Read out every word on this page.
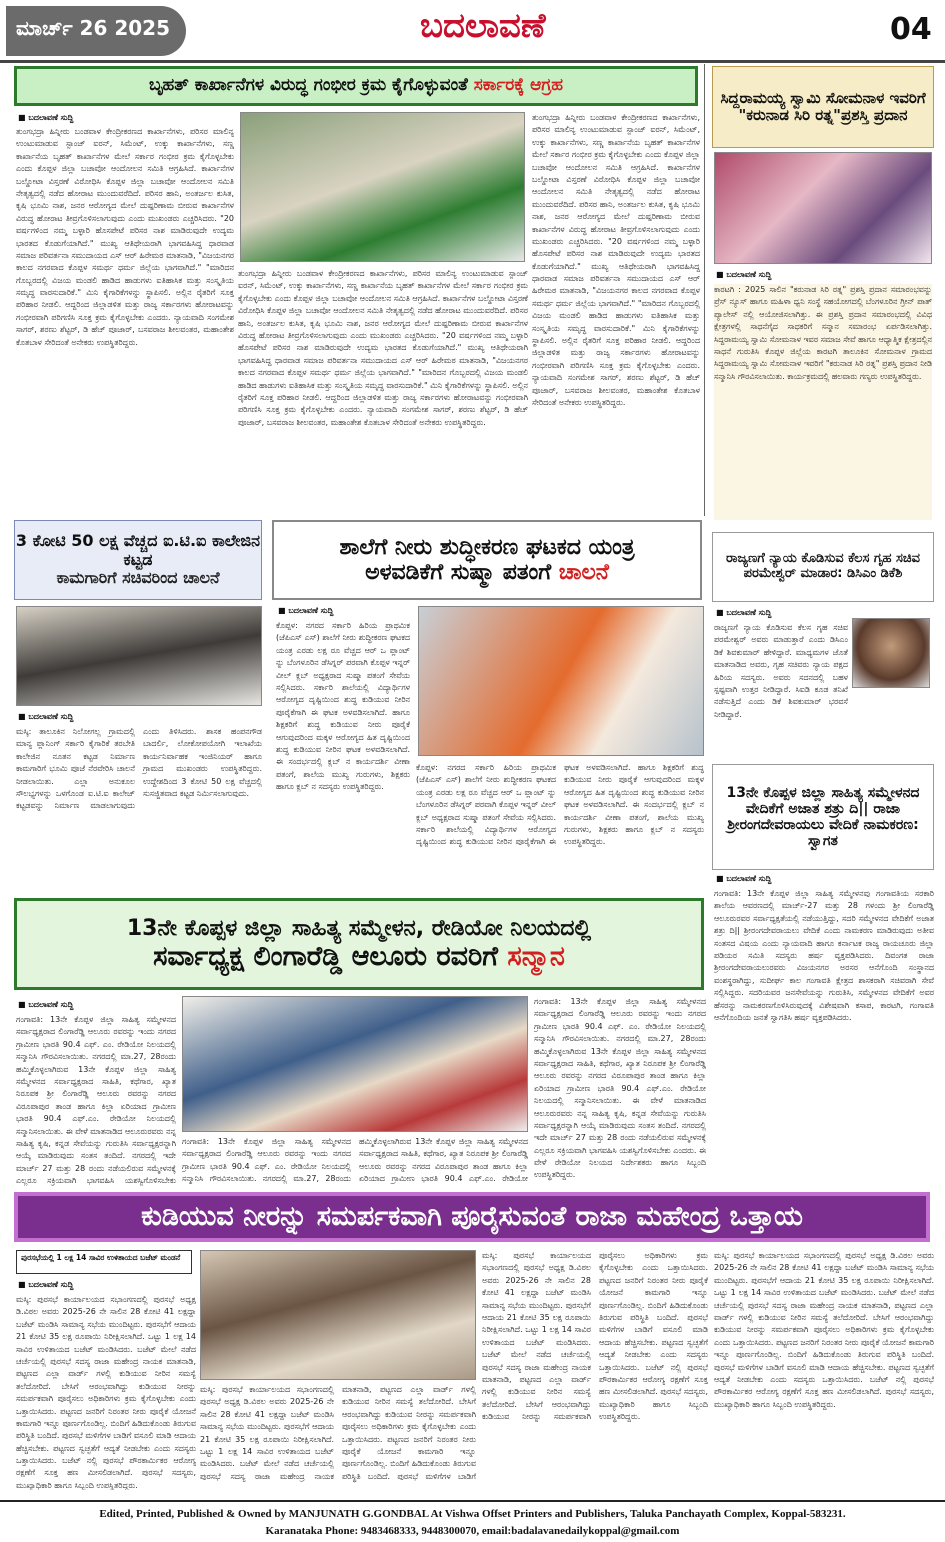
ಮಾರ್ಚ್ 26 2025	ಬದಲಾವಣೆ	04
ಬೃಹತ್ ಕಾರ್ಖಾನೆಗಳ ವಿರುದ್ಧ ಗಂಭೀರ ಕ್ರಮ ಕೈಗೊಳ್ಳುವಂತೆ
ಸರ್ಕಾರಕ್ಕೆ ಆಗ್ರಹ
■ ಬದಲಾವಣೆ ಸುದ್ದಿ
ತುಂಗಭದ್ರಾ ಹಿನ್ನೀರು ಬಂಡವಾಳ ಕೇಂದ್ರೀಕರಣದ ಕಾರ್ಖಾನೆಗಳು, ಪರಿಸರ ಮಾಲಿನ್ಯ ಉಂಟುಮಾಡುವ ಸ್ಪಾಂಜ್ ಐರನ್, ಸಿಮೆಂಟ್, ಉಕ್ಕು ಕಾರ್ಖಾನೆಗಳು, ಸಣ್ಣ ಕಾರ್ಖಾನೆಯ ಬೃಹತ್ ಕಾರ್ಖಾನೆಗಳ ಮೇಲೆ ಸರ್ಕಾರ ಗಂಭೀರ ಕ್ರಮ ಕೈಗೊಳ್ಳಬೇಕು ಎಂದು ಕೊಪ್ಪಳ ಜಿಲ್ಲಾ ಬಚಾವೋ ಆಂದೋಲನ ಸಮಿತಿ ಆಗ್ರಹಿಸಿದೆ. ಕಾರ್ಖಾನೆಗಳ ಬಲ್ಡೋಟಾ ವಿಸ್ತರಣೆ ವಿರೋಧಿಸಿ ಕೊಪ್ಪಳ ಜಿಲ್ಲಾ ಬಚಾವೋ ಆಂದೋಲನ ಸಮಿತಿ ನೇತೃತ್ವದಲ್ಲಿ ನಡೆದ ಹೋರಾಟ ಮುಂದುವರೆದಿದೆ. ಪರಿಸರ ಹಾನಿ, ಅಂತರ್ಜಲ ಕುಸಿತ, ಕೃಷಿ ಭೂಮಿ ನಾಶ, ಜನರ ಆರೋಗ್ಯದ ಮೇಲೆ ದುಷ್ಪರಿಣಾಮ ಬೀರುವ ಕಾರ್ಖಾನೆಗಳ ವಿರುದ್ಧ ಹೋರಾಟ ತೀವ್ರಗೊಳಿಸಲಾಗುವುದು ಎಂದು ಮುಖಂಡರು ಎಚ್ಚರಿಸಿದರು. "20 ವರ್ಷಗಳಿಂದ ನಮ್ಮ ಬಳ್ಳಾರಿ ಹೊಸಪೇಟೆ ಪರಿಸರ ನಾಶ ಮಾಡಿರುವುದೇ ಉದ್ಯಮ ಭಾರತದ ಕೊಡುಗೆಯಾಗಿದೆ." ಮುಖ್ಯ ಆತಿಥೇಯರಾಗಿ ಭಾಗವಹಿಸಿದ್ದ ಧಾರವಾಡ ಸಮಾಜ ಪರಿವರ್ತನಾ ಸಮುದಾಯದ ಎಸ್ ಆರ್ ಹಿರೇಮಠ ಮಾತನಾಡಿ, "ವಿಜಯನಗರ ಕಾಲದ ನಗರವಾದ ಕೊಪ್ಪಳ ಸಮರ್ಥ ಧರ್ಮ ಜಿಲ್ಲೆಯ ಭಾಗವಾಗಿದೆ." "ಮಾರಿದನ ಗೊಬ್ಬರದಲ್ಲಿ ವಿಜಯ ಮಂಡಲಿ ಹಾಡಿದ ಹಾಡುಗಳು ಐತಿಹಾಸಿಕ ಮತ್ತು ಸಂಸ್ಕೃತಿಯ ಸಮೃದ್ಧ ವಾರಸುದಾರಿಕೆ." ಮಿನಿ ಕೈಗಾರಿಕೆಗಳನ್ನು ಸ್ಥಾಪಿಸಲಿ. ಅಲ್ಲಿನ ರೈತರಿಗೆ ಸೂಕ್ತ ಪರಿಹಾರ ನೀಡಲಿ. ಆದ್ದರಿಂದ ಜಿಲ್ಲಾಡಳಿತ ಮತ್ತು ರಾಜ್ಯ ಸರ್ಕಾರಗಳು ಹೋರಾಟವನ್ನು ಗಂಭೀರವಾಗಿ ಪರಿಗಣಿಸಿ ಸೂಕ್ತ ಕ್ರಮ ಕೈಗೊಳ್ಳಬೇಕು ಎಂದರು. ನ್ಯಾಯವಾದಿ ಸಂಗಮೇಶ ಸಾಗರ್, ಶರಣು ಶೆಟ್ಟರ್, ಡಿ ಹೆಚ್ ಪೂಜಾರ್, ಬಸವರಾಜ ಶೀಲವಂತರ, ಮಹಾಂತೇಶ ಕೊತಬಾಳ ಸೇರಿದಂತೆ ಅನೇಕರು ಉಪಸ್ಥಿತರಿದ್ದರು.
ತುಂಗಭದ್ರಾ ಹಿನ್ನೀರು ಬಂಡವಾಳ ಕೇಂದ್ರೀಕರಣದ ಕಾರ್ಖಾನೆಗಳು, ಪರಿಸರ ಮಾಲಿನ್ಯ ಉಂಟುಮಾಡುವ ಸ್ಪಾಂಜ್ ಐರನ್, ಸಿಮೆಂಟ್, ಉಕ್ಕು ಕಾರ್ಖಾನೆಗಳು, ಸಣ್ಣ ಕಾರ್ಖಾನೆಯ ಬೃಹತ್ ಕಾರ್ಖಾನೆಗಳ ಮೇಲೆ ಸರ್ಕಾರ ಗಂಭೀರ ಕ್ರಮ ಕೈಗೊಳ್ಳಬೇಕು ಎಂದು ಕೊಪ್ಪಳ ಜಿಲ್ಲಾ ಬಚಾವೋ ಆಂದೋಲನ ಸಮಿತಿ ಆಗ್ರಹಿಸಿದೆ. ಕಾರ್ಖಾನೆಗಳ ಬಲ್ಡೋಟಾ ವಿಸ್ತರಣೆ ವಿರೋಧಿಸಿ ಕೊಪ್ಪಳ ಜಿಲ್ಲಾ ಬಚಾವೋ ಆಂದೋಲನ ಸಮಿತಿ ನೇತೃತ್ವದಲ್ಲಿ ನಡೆದ ಹೋರಾಟ ಮುಂದುವರೆದಿದೆ. ಪರಿಸರ ಹಾನಿ, ಅಂತರ್ಜಲ ಕುಸಿತ, ಕೃಷಿ ಭೂಮಿ ನಾಶ, ಜನರ ಆರೋಗ್ಯದ ಮೇಲೆ ದುಷ್ಪರಿಣಾಮ ಬೀರುವ ಕಾರ್ಖಾನೆಗಳ ವಿರುದ್ಧ ಹೋರಾಟ ತೀವ್ರಗೊಳಿಸಲಾಗುವುದು ಎಂದು ಮುಖಂಡರು ಎಚ್ಚರಿಸಿದರು. "20 ವರ್ಷಗಳಿಂದ ನಮ್ಮ ಬಳ್ಳಾರಿ ಹೊಸಪೇಟೆ ಪರಿಸರ ನಾಶ ಮಾಡಿರುವುದೇ ಉದ್ಯಮ ಭಾರತದ ಕೊಡುಗೆಯಾಗಿದೆ." ಮುಖ್ಯ ಆತಿಥೇಯರಾಗಿ ಭಾಗವಹಿಸಿದ್ದ ಧಾರವಾಡ ಸಮಾಜ ಪರಿವರ್ತನಾ ಸಮುದಾಯದ ಎಸ್ ಆರ್ ಹಿರೇಮಠ ಮಾತನಾಡಿ, "ವಿಜಯನಗರ ಕಾಲದ ನಗರವಾದ ಕೊಪ್ಪಳ ಸಮರ್ಥ ಧರ್ಮ ಜಿಲ್ಲೆಯ ಭಾಗವಾಗಿದೆ." "ಮಾರಿದನ ಗೊಬ್ಬರದಲ್ಲಿ ವಿಜಯ ಮಂಡಲಿ ಹಾಡಿದ ಹಾಡುಗಳು ಐತಿಹಾಸಿಕ ಮತ್ತು ಸಂಸ್ಕೃತಿಯ ಸಮೃದ್ಧ ವಾರಸುದಾರಿಕೆ." ಮಿನಿ ಕೈಗಾರಿಕೆಗಳನ್ನು ಸ್ಥಾಪಿಸಲಿ. ಅಲ್ಲಿನ ರೈತರಿಗೆ ಸೂಕ್ತ ಪರಿಹಾರ ನೀಡಲಿ. ಆದ್ದರಿಂದ ಜಿಲ್ಲಾಡಳಿತ ಮತ್ತು ರಾಜ್ಯ ಸರ್ಕಾರಗಳು ಹೋರಾಟವನ್ನು ಗಂಭೀರವಾಗಿ ಪರಿಗಣಿಸಿ ಸೂಕ್ತ ಕ್ರಮ ಕೈಗೊಳ್ಳಬೇಕು ಎಂದರು. ನ್ಯಾಯವಾದಿ ಸಂಗಮೇಶ ಸಾಗರ್, ಶರಣು ಶೆಟ್ಟರ್, ಡಿ ಹೆಚ್ ಪೂಜಾರ್, ಬಸವರಾಜ ಶೀಲವಂತರ, ಮಹಾಂತೇಶ ಕೊತಬಾಳ ಸೇರಿದಂತೆ ಅನೇಕರು ಉಪಸ್ಥಿತರಿದ್ದರು.
ತುಂಗಭದ್ರಾ ಹಿನ್ನೀರು ಬಂಡವಾಳ ಕೇಂದ್ರೀಕರಣದ ಕಾರ್ಖಾನೆಗಳು, ಪರಿಸರ ಮಾಲಿನ್ಯ ಉಂಟುಮಾಡುವ ಸ್ಪಾಂಜ್ ಐರನ್, ಸಿಮೆಂಟ್, ಉಕ್ಕು ಕಾರ್ಖಾನೆಗಳು, ಸಣ್ಣ ಕಾರ್ಖಾನೆಯ ಬೃಹತ್ ಕಾರ್ಖಾನೆಗಳ ಮೇಲೆ ಸರ್ಕಾರ ಗಂಭೀರ ಕ್ರಮ ಕೈಗೊಳ್ಳಬೇಕು ಎಂದು ಕೊಪ್ಪಳ ಜಿಲ್ಲಾ ಬಚಾವೋ ಆಂದೋಲನ ಸಮಿತಿ ಆಗ್ರಹಿಸಿದೆ. ಕಾರ್ಖಾನೆಗಳ ಬಲ್ಡೋಟಾ ವಿಸ್ತರಣೆ ವಿರೋಧಿಸಿ ಕೊಪ್ಪಳ ಜಿಲ್ಲಾ ಬಚಾವೋ ಆಂದೋಲನ ಸಮಿತಿ ನೇತೃತ್ವದಲ್ಲಿ ನಡೆದ ಹೋರಾಟ ಮುಂದುವರೆದಿದೆ. ಪರಿಸರ ಹಾನಿ, ಅಂತರ್ಜಲ ಕುಸಿತ, ಕೃಷಿ ಭೂಮಿ ನಾಶ, ಜನರ ಆರೋಗ್ಯದ ಮೇಲೆ ದುಷ್ಪರಿಣಾಮ ಬೀರುವ ಕಾರ್ಖಾನೆಗಳ ವಿರುದ್ಧ ಹೋರಾಟ ತೀವ್ರಗೊಳಿಸಲಾಗುವುದು ಎಂದು ಮುಖಂಡರು ಎಚ್ಚರಿಸಿದರು. "20 ವರ್ಷಗಳಿಂದ ನಮ್ಮ ಬಳ್ಳಾರಿ ಹೊಸಪೇಟೆ ಪರಿಸರ ನಾಶ ಮಾಡಿರುವುದೇ ಉದ್ಯಮ ಭಾರತದ ಕೊಡುಗೆಯಾಗಿದೆ." ಮುಖ್ಯ ಆತಿಥೇಯರಾಗಿ ಭಾಗವಹಿಸಿದ್ದ ಧಾರವಾಡ ಸಮಾಜ ಪರಿವರ್ತನಾ ಸಮುದಾಯದ ಎಸ್ ಆರ್ ಹಿರೇಮಠ ಮಾತನಾಡಿ, "ವಿಜಯನಗರ ಕಾಲದ ನಗರವಾದ ಕೊಪ್ಪಳ ಸಮರ್ಥ ಧರ್ಮ ಜಿಲ್ಲೆಯ ಭಾಗವಾಗಿದೆ." "ಮಾರಿದನ ಗೊಬ್ಬರದಲ್ಲಿ ವಿಜಯ ಮಂಡಲಿ ಹಾಡಿದ ಹಾಡುಗಳು ಐತಿಹಾಸಿಕ ಮತ್ತು ಸಂಸ್ಕೃತಿಯ ಸಮೃದ್ಧ ವಾರಸುದಾರಿಕೆ." ಮಿನಿ ಕೈಗಾರಿಕೆಗಳನ್ನು ಸ್ಥಾಪಿಸಲಿ. ಅಲ್ಲಿನ ರೈತರಿಗೆ ಸೂಕ್ತ ಪರಿಹಾರ ನೀಡಲಿ. ಆದ್ದರಿಂದ ಜಿಲ್ಲಾಡಳಿತ ಮತ್ತು ರಾಜ್ಯ ಸರ್ಕಾರಗಳು ಹೋರಾಟವನ್ನು ಗಂಭೀರವಾಗಿ ಪರಿಗಣಿಸಿ ಸೂಕ್ತ ಕ್ರಮ ಕೈಗೊಳ್ಳಬೇಕು ಎಂದರು. ನ್ಯಾಯವಾದಿ ಸಂಗಮೇಶ ಸಾಗರ್, ಶರಣು ಶೆಟ್ಟರ್, ಡಿ ಹೆಚ್ ಪೂಜಾರ್, ಬಸವರಾಜ ಶೀಲವಂತರ, ಮಹಾಂತೇಶ ಕೊತಬಾಳ ಸೇರಿದಂತೆ ಅನೇಕರು ಉಪಸ್ಥಿತರಿದ್ದರು.
ಸಿದ್ದರಾಮಯ್ಯ ಸ್ವಾಮಿ ಸೋಮನಾಳ ಇವರಿಗೆ "ಕರುನಾಡ ಸಿರಿ ರತ್ನ"ಪ್ರಶಸ್ತಿ ಪ್ರದಾನ
■ ಬದಲಾವಣೆ ಸುದ್ದಿ
ಕಾರಟಗಿ : 2025 ಸಾಲಿನ "ಕರುನಾಡ ಸಿರಿ ರತ್ನ" ಪ್ರಶಸ್ತಿ ಪ್ರದಾನ ಸಮಾರಂಭವನ್ನು ಪ್ರೆಸ್ ನ್ಯೂಸ್ ಹಾಗೂ ಮಹಿಳಾ ಧ್ವನಿ ಸಂಸ್ಥೆ ಸಹಯೋಗದಲ್ಲಿ ಬೆಂಗಳೂರಿನ ಗ್ರೀನ್ ಪಾತ್ ಪ್ಯಾಲೇಸ್ ನಲ್ಲಿ ಆಯೋಜಿಸಲಾಗಿತ್ತು. ಈ ಪ್ರಶಸ್ತಿ ಪ್ರದಾನ ಸಮಾರಂಭದಲ್ಲಿ ವಿವಿಧ ಕ್ಷೇತ್ರಗಳಲ್ಲಿ ಸಾಧನೆಗೈದ ಸಾಧಕರಿಗೆ ಸನ್ಮಾನ ಸಮಾರಂಭ ಏರ್ಪಡಿಸಲಾಗಿತ್ತು. ಸಿದ್ದರಾಮಯ್ಯ ಸ್ವಾಮಿ ಸೋಮನಾಳ ಇವರ ಸಮಾಜ ಸೇವೆ ಹಾಗೂ ಆಧ್ಯಾತ್ಮಿಕ ಕ್ಷೇತ್ರದಲ್ಲಿನ ಸಾಧನೆ ಗುರುತಿಸಿ ಕೊಪ್ಪಳ ಜಿಲ್ಲೆಯ ಕಾರಟಗಿ ತಾಲೂಕಿನ ಸೋಮನಾಳ ಗ್ರಾಮದ ಸಿದ್ದರಾಮಯ್ಯ ಸ್ವಾಮಿ ಸೋಮನಾಳ ಇವರಿಗೆ "ಕರುನಾಡ ಸಿರಿ ರತ್ನ" ಪ್ರಶಸ್ತಿ ಪ್ರದಾನ ನೀಡಿ ಸನ್ಮಾನಿಸಿ ಗೌರವಿಸಲಾಯಿತು. ಕಾರ್ಯಕ್ರಮದಲ್ಲಿ ಹಲವಾರು ಗಣ್ಯರು ಉಪಸ್ಥಿತರಿದ್ದರು.
3 ಕೋಟಿ 50 ಲಕ್ಷ ವೆಚ್ಚದ ಐ.ಟಿ.ಐ ಕಾಲೇಜಿನ ಕಟ್ಟಡ
ಕಾಮಗಾರಿಗೆ ಸಚಿವರಿಂದ ಚಾಲನೆ
■ ಬದಲಾವಣೆ ಸುದ್ದಿ
ಮಸ್ಕಿ: ತಾಲೂಕಿನ ನಿಲೋಗಲ್ಲ ಗ್ರಾಮದಲ್ಲಿ ಮಾನ್ಯ ಪ್ಲಾನಿಂಗ್ ಸರ್ಕಾರಿ ಕೈಗಾರಿಕೆ ತರಬೇತಿ ಕಾಲೇಜಿನ ನೂತನ ಕಟ್ಟಡ ನಿರ್ಮಾಣ ಕಾಮಗಾರಿಗೆ ಭೂಮಿ ಪೂಜೆ ನೆರವೇರಿಸಿ ಚಾಲನೆ ನೀಡಲಾಯಿತು. ಎಲ್ಲಾ ಅನುಕೂಲ ಸೌಲಭ್ಯಗಳನ್ನು ಒಳಗೊಂಡ ಐ.ಟಿ.ಐ ಕಾಲೇಜ್ ಕಟ್ಟಡವನ್ನು ನಿರ್ಮಾಣ ಮಾಡಲಾಗುವುದು ಎಂದು ತಿಳಿಸಿದರು. ಶಾಸಕ ಹಂಪನಗೌಡ ಬಾದರ್ಲಿ, ಲೋಕೋಪಯೋಗಿ ಇಲಾಖೆಯ ಕಾರ್ಯನಿರ್ವಾಹಕ ಇಂಜಿನಿಯರ್ ಹಾಗೂ ಗ್ರಾಮದ ಮುಖಂಡರು ಉಪಸ್ಥಿತರಿದ್ದರು. ಉದ್ದೇಶದಿಂದ 3 ಕೋಟಿ 50 ಲಕ್ಷ ವೆಚ್ಚದಲ್ಲಿ ಸುಸಜ್ಜಿತವಾದ ಕಟ್ಟಡ ನಿರ್ಮಿಸಲಾಗುವುದು.
ಶಾಲೆಗೆ ನೀರು ಶುದ್ಧೀಕರಣ ಘಟಕದ ಯಂತ್ರ
ಅಳವಡಿಕೆಗೆ ಸುಷ್ಮಾ ಪತಂಗೆ ಚಾಲನೆ
■ ಬದಲಾವಣೆ ಸುದ್ದಿ
ಕೊಪ್ಪಳ: ನಗರದ ಸರ್ಕಾರಿ ಹಿರಿಯ ಪ್ರಾಥಮಿಕ (ಜೆಪಿಎಸ್ ಎಸ್) ಶಾಲೆಗೆ ನೀರು ಶುದ್ಧೀಕರಣ ಘಟಕದ ಯಂತ್ರ ಎರಡು ಲಕ್ಷ ರೂ ವೆಚ್ಚದ ಆರ್ ಒ ಪ್ಲಾಂಟ್ ನ್ನು ಬೆಂಗಳೂರಿನ ಡೆಸಿಗ್ನರ್ ಪರವಾಗಿ ಕೊಪ್ಪಳ ಇನ್ನರ್ ವೀಲ್ ಕ್ಲಬ್ ಅಧ್ಯಕ್ಷರಾದ ಸುಷ್ಮಾ ಪತಂಗೆ ಸೇವೆಯ ಸಲ್ಲಿಸಿದರು. ಸರ್ಕಾರಿ ಶಾಲೆಯಲ್ಲಿ ವಿದ್ಯಾರ್ಥಿಗಳ ಆರೋಗ್ಯದ ದೃಷ್ಟಿಯಿಂದ ಶುದ್ಧ ಕುಡಿಯುವ ನೀರಿನ ಪೂರೈಕೆಗಾಗಿ ಈ ಘಟಕ ಅಳವಡಿಸಲಾಗಿದೆ. ಹಾಗೂ ಶಿಕ್ಷಕರಿಗೆ ಶುದ್ಧ ಕುಡಿಯುವ ನೀರು ಪೂರೈಕೆ ಆಗುವುದರಿಂದ ಮಕ್ಕಳ ಆರೋಗ್ಯದ ಹಿತ ದೃಷ್ಟಿಯಿಂದ ಶುದ್ಧ ಕುಡಿಯುವ ನೀರಿನ ಘಟಕ ಅಳವಡಿಸಲಾಗಿದೆ. ಈ ಸಂದರ್ಭದಲ್ಲಿ ಕ್ಲಬ್ ನ ಕಾರ್ಯದರ್ಶಿ ವೀಣಾ ಪತಂಗೆ, ಶಾಲೆಯ ಮುಖ್ಯ ಗುರುಗಳು, ಶಿಕ್ಷಕರು ಹಾಗೂ ಕ್ಲಬ್ ನ ಸದಸ್ಯರು ಉಪಸ್ಥಿತರಿದ್ದರು.
ಕೊಪ್ಪಳ: ನಗರದ ಸರ್ಕಾರಿ ಹಿರಿಯ ಪ್ರಾಥಮಿಕ (ಜೆಪಿಎಸ್ ಎಸ್) ಶಾಲೆಗೆ ನೀರು ಶುದ್ಧೀಕರಣ ಘಟಕದ ಯಂತ್ರ ಎರಡು ಲಕ್ಷ ರೂ ವೆಚ್ಚದ ಆರ್ ಒ ಪ್ಲಾಂಟ್ ನ್ನು ಬೆಂಗಳೂರಿನ ಡೆಸಿಗ್ನರ್ ಪರವಾಗಿ ಕೊಪ್ಪಳ ಇನ್ನರ್ ವೀಲ್ ಕ್ಲಬ್ ಅಧ್ಯಕ್ಷರಾದ ಸುಷ್ಮಾ ಪತಂಗೆ ಸೇವೆಯ ಸಲ್ಲಿಸಿದರು. ಸರ್ಕಾರಿ ಶಾಲೆಯಲ್ಲಿ ವಿದ್ಯಾರ್ಥಿಗಳ ಆರೋಗ್ಯದ ದೃಷ್ಟಿಯಿಂದ ಶುದ್ಧ ಕುಡಿಯುವ ನೀರಿನ ಪೂರೈಕೆಗಾಗಿ ಈ ಘಟಕ ಅಳವಡಿಸಲಾಗಿದೆ. ಹಾಗೂ ಶಿಕ್ಷಕರಿಗೆ ಶುದ್ಧ ಕುಡಿಯುವ ನೀರು ಪೂರೈಕೆ ಆಗುವುದರಿಂದ ಮಕ್ಕಳ ಆರೋಗ್ಯದ ಹಿತ ದೃಷ್ಟಿಯಿಂದ ಶುದ್ಧ ಕುಡಿಯುವ ನೀರಿನ ಘಟಕ ಅಳವಡಿಸಲಾಗಿದೆ. ಈ ಸಂದರ್ಭದಲ್ಲಿ ಕ್ಲಬ್ ನ ಕಾರ್ಯದರ್ಶಿ ವೀಣಾ ಪತಂಗೆ, ಶಾಲೆಯ ಮುಖ್ಯ ಗುರುಗಳು, ಶಿಕ್ಷಕರು ಹಾಗೂ ಕ್ಲಬ್ ನ ಸದಸ್ಯರು ಉಪಸ್ಥಿತರಿದ್ದರು.
ರಾಜ್ಯಣಗೆ ನ್ಯಾಯ ಕೊಡಿಸುವ ಕೆಲಸ ಗೃಹ ಸಚಿವ ಪರಮೇಶ್ವರ್ ಮಾಡಾರ: ಡಿಸಿಎಂ ಡಿಕೆಶಿ
■ ಬದಲಾವಣೆ ಸುದ್ದಿ
ರಾಜ್ಯಣಗೆ ನ್ಯಾಯ ಕೊಡಿಸುವ ಕೆಲಸ ಗೃಹ ಸಚಿವ ಪರಮೇಶ್ವರ್ ಅವರು ಮಾಡುತ್ತಾರೆ ಎಂದು ಡಿಸಿಎಂ ಡಿಕೆ ಶಿವಕುಮಾರ್ ಹೇಳಿದ್ದಾರೆ. ಮಾಧ್ಯಮಗಳ ಜೊತೆ ಮಾತನಾಡಿದ ಅವರು, ಗೃಹ ಸಚಿವರು ನ್ಯಾಯ ಪಕ್ಷದ ಹಿರಿಯ ಸದಸ್ಯರು. ಅವರು ಸದನದಲ್ಲಿ ಬಹಳ ಸ್ಪಷ್ಟವಾಗಿ ಉತ್ತರ ನೀಡಿದ್ದಾರೆ. ಸಿಐಡಿ ಕೂಡ ತನಿಖೆ ನಡೆಸುತ್ತಿದೆ ಎಂದು ಡಿಕೆ ಶಿವಕುಮಾರ್ ಭರವಸೆ ನೀಡಿದ್ದಾರೆ.
13ನೇ ಕೊಪ್ಪಳ ಜಿಲ್ಲಾ ಸಾಹಿತ್ಯ ಸಮ್ಮೇಳನದ ವೇದಿಕೆಗೆ ಅಜಾತ ಶತ್ರು ದಿ|| ರಾಜಾ ಶ್ರೀರಂಗದೇವರಾಯಲು ವೇದಿಕೆ ನಾಮಕರಣ: ಸ್ವಾಗತ
■ ಬದಲಾವಣೆ ಸುದ್ದಿ
ಗಂಗಾವತಿ: 13ನೇ ಕೊಪ್ಪಳ ಜಿಲ್ಲಾ ಸಾಹಿತ್ಯ ಸಮ್ಮೇಳನವು ಗಂಗಾವತಿಯ ಸರಕಾರಿ ಶಾಲೆಯ ಆವರಣದಲ್ಲಿ ಮಾರ್ಚ್-27 ಮತ್ತು 28 ಗಳಂದು ಶ್ರೀ ಲಿಂಗಾರೆಡ್ಡಿ ಆಲೂರುರವರ ಸರ್ವಾಧ್ಯಕ್ಷತೆಯಲ್ಲಿ ನಡೆಯುತ್ತಿದ್ದು, ಸದರಿ ಸಮ್ಮೇಳನದ ವೇದಿಕೆಗೆ ಅಜಾತ ಶತ್ರು ದಿ|| ಶ್ರೀರಂಗದೇವರಾಯಲು ವೇದಿಕೆ ಎಂದು ನಾಮಕರಣ ಮಾಡಿರುವುದು ಅತೀವ ಸಂತಸದ ವಿಷಯ ಎಂದು ನ್ಯಾಯವಾದಿ ಹಾಗೂ ಕರ್ನಾಟಕ ರಾಜ್ಯ ರಾಯಚೂರು ಜಿಲ್ಲಾ ಪಡಿಯರ ಸಮಿತಿ ಸದಸ್ಯರು ಹರ್ಷ ವ್ಯಕ್ತಪಡಿಸಿದರು. ದಿವಂಗತ ರಾಜಾ ಶ್ರೀರಂಗದೇವರಾಯಲುರವರು ವಿಜಯನಗರ ಅರಸರ ಆನೆಗೊಂದಿ ಸಂಸ್ಥಾನದ ವಂಶಸ್ಥರಾಗಿದ್ದು, ಸುದೀರ್ಘ ಕಾಲ ಗಂಗಾವತಿ ಕ್ಷೇತ್ರದ ಶಾಸಕರಾಗಿ ಸಚಿವರಾಗಿ ಸೇವೆ ಸಲ್ಲಿಸಿದ್ದರು. ಸದರಿಯವರ ಜನಸೇವೆಯನ್ನು ಗುರುತಿಸಿ, ಸಮ್ಮೇಳನದ ವೇದಿಕೆಗೆ ಅವರ ಹೆಸರನ್ನು ನಾಮಕರಣಗೊಳಿಸಿರುವುದಕ್ಕೆ ವಿಶೇಷವಾಗಿ ಕಸಾಪ, ಕಾರಟಗಿ, ಗಂಗಾವತಿ ಆನೆಗೊಂದಿಯ ಜನತೆ ಸ್ವಾಗತಿಸಿ ಹರ್ಷ ವ್ಯಕ್ತಪಡಿಸಿದರು.
13ನೇ ಕೊಪ್ಪಳ ಜಿಲ್ಲಾ ಸಾಹಿತ್ಯ ಸಮ್ಮೇಳನ, ರೇಡಿಯೋ ನಿಲಯದಲ್ಲಿ
ಸರ್ವಾಧ್ಯಕ್ಷ ಲಿಂಗಾರೆಡ್ಡಿ ಆಲೂರು ರವರಿಗೆ ಸನ್ಮಾನ
■ ಬದಲಾವಣೆ ಸುದ್ದಿ
ಗಂಗಾವತಿ: 13ನೇ ಕೊಪ್ಪಳ ಜಿಲ್ಲಾ ಸಾಹಿತ್ಯ ಸಮ್ಮೇಳನದ ಸರ್ವಾಧ್ಯಕ್ಷರಾದ ಲಿಂಗಾರೆಡ್ಡಿ ಆಲೂರು ರವರನ್ನು ಇಂದು ನಗರದ ಗ್ರಾಮೀಣ ಭಾರತಿ 90.4 ಎಫ್. ಎಂ. ರೇಡಿಯೋ ನಿಲಯದಲ್ಲಿ ಸನ್ಮಾನಿಸಿ ಗೌರವಿಸಲಾಯಿತು. ನಗರದಲ್ಲಿ ಮಾ.27, 28ರಂದು ಹಮ್ಮಿಕೊಳ್ಳಲಾಗಿರುವ 13ನೇ ಕೊಪ್ಪಳ ಜಿಲ್ಲಾ ಸಾಹಿತ್ಯ ಸಮ್ಮೇಳನದ ಸರ್ವಾಧ್ಯಕ್ಷರಾದ ಸಾಹಿತಿ, ಕಥೆಗಾರ, ಖ್ಯಾತ ನಿರೂಪಕ ಶ್ರೀ ಲಿಂಗಾರೆಡ್ಡಿ ಆಲೂರು ರವರನ್ನು ನಗರದ ವಿರೂಪಾಪುರ ತಾಂಡ ಹಾಗೂ ಕಿಲ್ಲಾ ಏರಿಯಾದ ಗ್ರಾಮೀಣ ಭಾರತಿ 90.4 ಎಫ್.ಎಂ. ರೇಡಿಯೋ ನಿಲಯದಲ್ಲಿ ಸನ್ಮಾನಿಸಲಾಯಿತು. ಈ ವೇಳೆ ಮಾತನಾಡಿದ ಆಲೂರುರವರು ನನ್ನ ಸಾಹಿತ್ಯ ಕೃಷಿ, ಕನ್ನಡ ಸೇವೆಯನ್ನು ಗುರುತಿಸಿ ಸರ್ವಾಧ್ಯಕ್ಷರನ್ನಾಗಿ ಆಯ್ಕೆ ಮಾಡಿರುವುದು ಸಂತಸ ತಂದಿದೆ. ನಗರದಲ್ಲಿ ಇದೇ ಮಾರ್ಚ್ 27 ಮತ್ತು 28 ರಂದು ನಡೆಯಲಿರುವ ಸಮ್ಮೇಳನಕ್ಕೆ ಎಲ್ಲರೂ ಸಕ್ರಿಯವಾಗಿ ಭಾಗವಹಿಸಿ ಯಶಸ್ವಿಗೊಳಿಸಬೇಕು
ಗಂಗಾವತಿ: 13ನೇ ಕೊಪ್ಪಳ ಜಿಲ್ಲಾ ಸಾಹಿತ್ಯ ಸಮ್ಮೇಳನದ ಸರ್ವಾಧ್ಯಕ್ಷರಾದ ಲಿಂಗಾರೆಡ್ಡಿ ಆಲೂರು ರವರನ್ನು ಇಂದು ನಗರದ ಗ್ರಾಮೀಣ ಭಾರತಿ 90.4 ಎಫ್. ಎಂ. ರೇಡಿಯೋ ನಿಲಯದಲ್ಲಿ ಸನ್ಮಾನಿಸಿ ಗೌರವಿಸಲಾಯಿತು. ನಗರದಲ್ಲಿ ಮಾ.27, 28ರಂದು ಹಮ್ಮಿಕೊಳ್ಳಲಾಗಿರುವ 13ನೇ ಕೊಪ್ಪಳ ಜಿಲ್ಲಾ ಸಾಹಿತ್ಯ ಸಮ್ಮೇಳನದ ಸರ್ವಾಧ್ಯಕ್ಷರಾದ ಸಾಹಿತಿ, ಕಥೆಗಾರ, ಖ್ಯಾತ ನಿರೂಪಕ ಶ್ರೀ ಲಿಂಗಾರೆಡ್ಡಿ ಆಲೂರು ರವರನ್ನು ನಗರದ ವಿರೂಪಾಪುರ ತಾಂಡ ಹಾಗೂ ಕಿಲ್ಲಾ ಏರಿಯಾದ ಗ್ರಾಮೀಣ ಭಾರತಿ 90.4 ಎಫ್.ಎಂ. ರೇಡಿಯೋ
ಗಂಗಾವತಿ: 13ನೇ ಕೊಪ್ಪಳ ಜಿಲ್ಲಾ ಸಾಹಿತ್ಯ ಸಮ್ಮೇಳನದ ಸರ್ವಾಧ್ಯಕ್ಷರಾದ ಲಿಂಗಾರೆಡ್ಡಿ ಆಲೂರು ರವರನ್ನು ಇಂದು ನಗರದ ಗ್ರಾಮೀಣ ಭಾರತಿ 90.4 ಎಫ್. ಎಂ. ರೇಡಿಯೋ ನಿಲಯದಲ್ಲಿ ಸನ್ಮಾನಿಸಿ ಗೌರವಿಸಲಾಯಿತು. ನಗರದಲ್ಲಿ ಮಾ.27, 28ರಂದು ಹಮ್ಮಿಕೊಳ್ಳಲಾಗಿರುವ 13ನೇ ಕೊಪ್ಪಳ ಜಿಲ್ಲಾ ಸಾಹಿತ್ಯ ಸಮ್ಮೇಳನದ ಸರ್ವಾಧ್ಯಕ್ಷರಾದ ಸಾಹಿತಿ, ಕಥೆಗಾರ, ಖ್ಯಾತ ನಿರೂಪಕ ಶ್ರೀ ಲಿಂಗಾರೆಡ್ಡಿ ಆಲೂರು ರವರನ್ನು ನಗರದ ವಿರೂಪಾಪುರ ತಾಂಡ ಹಾಗೂ ಕಿಲ್ಲಾ ಏರಿಯಾದ ಗ್ರಾಮೀಣ ಭಾರತಿ 90.4 ಎಫ್.ಎಂ. ರೇಡಿಯೋ ನಿಲಯದಲ್ಲಿ ಸನ್ಮಾನಿಸಲಾಯಿತು. ಈ ವೇಳೆ ಮಾತನಾಡಿದ ಆಲೂರುರವರು ನನ್ನ ಸಾಹಿತ್ಯ ಕೃಷಿ, ಕನ್ನಡ ಸೇವೆಯನ್ನು ಗುರುತಿಸಿ ಸರ್ವಾಧ್ಯಕ್ಷರನ್ನಾಗಿ ಆಯ್ಕೆ ಮಾಡಿರುವುದು ಸಂತಸ ತಂದಿದೆ. ನಗರದಲ್ಲಿ ಇದೇ ಮಾರ್ಚ್ 27 ಮತ್ತು 28 ರಂದು ನಡೆಯಲಿರುವ ಸಮ್ಮೇಳನಕ್ಕೆ ಎಲ್ಲರೂ ಸಕ್ರಿಯವಾಗಿ ಭಾಗವಹಿಸಿ ಯಶಸ್ವಿಗೊಳಿಸಬೇಕು ಎಂದರು. ಈ ವೇಳೆ ರೇಡಿಯೋ ನಿಲಯದ ನಿರ್ದೇಶಕರು ಹಾಗೂ ಸಿಬ್ಬಂದಿ ಉಪಸ್ಥಿತರಿದ್ದರು.
ಕುಡಿಯುವ ನೀರನ್ನು ಸಮರ್ಪಕವಾಗಿ ಪೂರೈಸುವಂತೆ ರಾಜಾ ಮಹೇಂದ್ರ ಒತ್ತಾಯ
ಪುರಸಭೆಯಲ್ಲಿ 1 ಲಕ್ಷ 14 ಸಾವಿರ ಉಳಿತಾಯದ ಬಜೆಟ್ ಮಂಡನೆ
■ ಬದಲಾವಣೆ ಸುದ್ದಿ
ಮಸ್ಕಿ: ಪುರಸಭೆ ಕಾರ್ಯಾಲಯದ ಸಭಾಂಗಣದಲ್ಲಿ ಪುರಸಭೆ ಅಧ್ಯಕ್ಷ ಡಿ.ವಿಠಲ ಅವರು 2025-26 ನೇ ಸಾಲಿನ 28 ಕೋಟಿ 41 ಲಕ್ಷದ್ದಾ ಬಜೆಟ್ ಮಂಡಿಸಿ ಸಾಮಾನ್ಯ ಸಭೆಯ ಮುಂದಿಟ್ಟರು. ಪುರಸಭೆಗೆ ಆದಾಯ 21 ಕೋಟಿ 35 ಲಕ್ಷ ರೂಪಾಯಿ ನಿರೀಕ್ಷಿಸಲಾಗಿದೆ. ಒಟ್ಟು 1 ಲಕ್ಷ 14 ಸಾವಿರ ಉಳಿತಾಯದ ಬಜೆಟ್ ಮಂಡಿಸಿದರು. ಬಜೆಟ್ ಮೇಲೆ ನಡೆದ ಚರ್ಚೆಯಲ್ಲಿ ಪುರಸಭೆ ಸದಸ್ಯ ರಾಜಾ ಮಹೇಂದ್ರ ನಾಯಕ ಮಾತನಾಡಿ, ಪಟ್ಟಣದ ಎಲ್ಲಾ ವಾರ್ಡ್ ಗಳಲ್ಲಿ ಕುಡಿಯುವ ನೀರಿನ ಸಮಸ್ಯೆ ತಲೆದೋರಿದೆ. ಬೇಸಿಗೆ ಆರಂಭವಾಗಿದ್ದು ಕುಡಿಯುವ ನೀರನ್ನು ಸಮರ್ಪಕವಾಗಿ ಪೂರೈಸಲು ಅಧಿಕಾರಿಗಳು ಕ್ರಮ ಕೈಗೊಳ್ಳಬೇಕು ಎಂದು ಒತ್ತಾಯಿಸಿದರು. ಪಟ್ಟಣದ ಜನರಿಗೆ ನಿರಂತರ ನೀರು ಪೂರೈಕೆ ಯೋಜನೆ ಕಾಮಗಾರಿ ಇನ್ನೂ ಪೂರ್ಣಗೊಂಡಿಲ್ಲ. ಬಿಂದಿಗೆ ಹಿಡಿದುಕೊಂಡು ತಿರುಗುವ ಪರಿಸ್ಥಿತಿ ಬಂದಿದೆ. ಪುರಸಭೆ ಮಳಿಗೆಗಳ ಬಾಡಿಗೆ ವಸೂಲಿ ಮಾಡಿ ಆದಾಯ ಹೆಚ್ಚಿಸಬೇಕು. ಪಟ್ಟಣದ ಸ್ವಚ್ಛತೆಗೆ ಆದ್ಯತೆ ನೀಡಬೇಕು ಎಂದು ಸದಸ್ಯರು ಒತ್ತಾಯಿಸಿದರು. ಬಜೆಟ್ ನಲ್ಲಿ ಪುರಸಭೆ ಪೌರಕಾರ್ಮಿಕರ ಆರೋಗ್ಯ ರಕ್ಷಣೆಗೆ ಸೂಕ್ತ ಹಣ ಮೀಸಲಿಡಲಾಗಿದೆ. ಪುರಸಭೆ ಸದಸ್ಯರು, ಮುಖ್ಯಾಧಿಕಾರಿ ಹಾಗೂ ಸಿಬ್ಬಂದಿ ಉಪಸ್ಥಿತರಿದ್ದರು.
ಮಸ್ಕಿ: ಪುರಸಭೆ ಕಾರ್ಯಾಲಯದ ಸಭಾಂಗಣದಲ್ಲಿ ಪುರಸಭೆ ಅಧ್ಯಕ್ಷ ಡಿ.ವಿಠಲ ಅವರು 2025-26 ನೇ ಸಾಲಿನ 28 ಕೋಟಿ 41 ಲಕ್ಷದ್ದಾ ಬಜೆಟ್ ಮಂಡಿಸಿ ಸಾಮಾನ್ಯ ಸಭೆಯ ಮುಂದಿಟ್ಟರು. ಪುರಸಭೆಗೆ ಆದಾಯ 21 ಕೋಟಿ 35 ಲಕ್ಷ ರೂಪಾಯಿ ನಿರೀಕ್ಷಿಸಲಾಗಿದೆ. ಒಟ್ಟು 1 ಲಕ್ಷ 14 ಸಾವಿರ ಉಳಿತಾಯದ ಬಜೆಟ್ ಮಂಡಿಸಿದರು. ಬಜೆಟ್ ಮೇಲೆ ನಡೆದ ಚರ್ಚೆಯಲ್ಲಿ ಪುರಸಭೆ ಸದಸ್ಯ ರಾಜಾ ಮಹೇಂದ್ರ ನಾಯಕ ಮಾತನಾಡಿ, ಪಟ್ಟಣದ ಎಲ್ಲಾ ವಾರ್ಡ್ ಗಳಲ್ಲಿ ಕುಡಿಯುವ ನೀರಿನ ಸಮಸ್ಯೆ ತಲೆದೋರಿದೆ. ಬೇಸಿಗೆ ಆರಂಭವಾಗಿದ್ದು ಕುಡಿಯುವ ನೀರನ್ನು ಸಮರ್ಪಕವಾಗಿ ಪೂರೈಸಲು ಅಧಿಕಾರಿಗಳು ಕ್ರಮ ಕೈಗೊಳ್ಳಬೇಕು ಎಂದು ಒತ್ತಾಯಿಸಿದರು. ಪಟ್ಟಣದ ಜನರಿಗೆ ನಿರಂತರ ನೀರು ಪೂರೈಕೆ ಯೋಜನೆ ಕಾಮಗಾರಿ ಇನ್ನೂ ಪೂರ್ಣಗೊಂಡಿಲ್ಲ. ಬಿಂದಿಗೆ ಹಿಡಿದುಕೊಂಡು ತಿರುಗುವ ಪರಿಸ್ಥಿತಿ ಬಂದಿದೆ. ಪುರಸಭೆ ಮಳಿಗೆಗಳ ಬಾಡಿಗೆ
ಮಸ್ಕಿ: ಪುರಸಭೆ ಕಾರ್ಯಾಲಯದ ಸಭಾಂಗಣದಲ್ಲಿ ಪುರಸಭೆ ಅಧ್ಯಕ್ಷ ಡಿ.ವಿಠಲ ಅವರು 2025-26 ನೇ ಸಾಲಿನ 28 ಕೋಟಿ 41 ಲಕ್ಷದ್ದಾ ಬಜೆಟ್ ಮಂಡಿಸಿ ಸಾಮಾನ್ಯ ಸಭೆಯ ಮುಂದಿಟ್ಟರು. ಪುರಸಭೆಗೆ ಆದಾಯ 21 ಕೋಟಿ 35 ಲಕ್ಷ ರೂಪಾಯಿ ನಿರೀಕ್ಷಿಸಲಾಗಿದೆ. ಒಟ್ಟು 1 ಲಕ್ಷ 14 ಸಾವಿರ ಉಳಿತಾಯದ ಬಜೆಟ್ ಮಂಡಿಸಿದರು. ಬಜೆಟ್ ಮೇಲೆ ನಡೆದ ಚರ್ಚೆಯಲ್ಲಿ ಪುರಸಭೆ ಸದಸ್ಯ ರಾಜಾ ಮಹೇಂದ್ರ ನಾಯಕ ಮಾತನಾಡಿ, ಪಟ್ಟಣದ ಎಲ್ಲಾ ವಾರ್ಡ್ ಗಳಲ್ಲಿ ಕುಡಿಯುವ ನೀರಿನ ಸಮಸ್ಯೆ ತಲೆದೋರಿದೆ. ಬೇಸಿಗೆ ಆರಂಭವಾಗಿದ್ದು ಕುಡಿಯುವ ನೀರನ್ನು ಸಮರ್ಪಕವಾಗಿ ಪೂರೈಸಲು ಅಧಿಕಾರಿಗಳು ಕ್ರಮ ಕೈಗೊಳ್ಳಬೇಕು ಎಂದು ಒತ್ತಾಯಿಸಿದರು. ಪಟ್ಟಣದ ಜನರಿಗೆ ನಿರಂತರ ನೀರು ಪೂರೈಕೆ ಯೋಜನೆ ಕಾಮಗಾರಿ ಇನ್ನೂ ಪೂರ್ಣಗೊಂಡಿಲ್ಲ. ಬಿಂದಿಗೆ ಹಿಡಿದುಕೊಂಡು ತಿರುಗುವ ಪರಿಸ್ಥಿತಿ ಬಂದಿದೆ. ಪುರಸಭೆ ಮಳಿಗೆಗಳ ಬಾಡಿಗೆ ವಸೂಲಿ ಮಾಡಿ ಆದಾಯ ಹೆಚ್ಚಿಸಬೇಕು. ಪಟ್ಟಣದ ಸ್ವಚ್ಛತೆಗೆ ಆದ್ಯತೆ ನೀಡಬೇಕು ಎಂದು ಸದಸ್ಯರು ಒತ್ತಾಯಿಸಿದರು. ಬಜೆಟ್ ನಲ್ಲಿ ಪುರಸಭೆ ಪೌರಕಾರ್ಮಿಕರ ಆರೋಗ್ಯ ರಕ್ಷಣೆಗೆ ಸೂಕ್ತ ಹಣ ಮೀಸಲಿಡಲಾಗಿದೆ. ಪುರಸಭೆ ಸದಸ್ಯರು, ಮುಖ್ಯಾಧಿಕಾರಿ ಹಾಗೂ ಸಿಬ್ಬಂದಿ ಉಪಸ್ಥಿತರಿದ್ದರು.
ಮಸ್ಕಿ: ಪುರಸಭೆ ಕಾರ್ಯಾಲಯದ ಸಭಾಂಗಣದಲ್ಲಿ ಪುರಸಭೆ ಅಧ್ಯಕ್ಷ ಡಿ.ವಿಠಲ ಅವರು 2025-26 ನೇ ಸಾಲಿನ 28 ಕೋಟಿ 41 ಲಕ್ಷದ್ದಾ ಬಜೆಟ್ ಮಂಡಿಸಿ ಸಾಮಾನ್ಯ ಸಭೆಯ ಮುಂದಿಟ್ಟರು. ಪುರಸಭೆಗೆ ಆದಾಯ 21 ಕೋಟಿ 35 ಲಕ್ಷ ರೂಪಾಯಿ ನಿರೀಕ್ಷಿಸಲಾಗಿದೆ. ಒಟ್ಟು 1 ಲಕ್ಷ 14 ಸಾವಿರ ಉಳಿತಾಯದ ಬಜೆಟ್ ಮಂಡಿಸಿದರು. ಬಜೆಟ್ ಮೇಲೆ ನಡೆದ ಚರ್ಚೆಯಲ್ಲಿ ಪುರಸಭೆ ಸದಸ್ಯ ರಾಜಾ ಮಹೇಂದ್ರ ನಾಯಕ ಮಾತನಾಡಿ, ಪಟ್ಟಣದ ಎಲ್ಲಾ ವಾರ್ಡ್ ಗಳಲ್ಲಿ ಕುಡಿಯುವ ನೀರಿನ ಸಮಸ್ಯೆ ತಲೆದೋರಿದೆ. ಬೇಸಿಗೆ ಆರಂಭವಾಗಿದ್ದು ಕುಡಿಯುವ ನೀರನ್ನು ಸಮರ್ಪಕವಾಗಿ ಪೂರೈಸಲು ಅಧಿಕಾರಿಗಳು ಕ್ರಮ ಕೈಗೊಳ್ಳಬೇಕು ಎಂದು ಒತ್ತಾಯಿಸಿದರು. ಪಟ್ಟಣದ ಜನರಿಗೆ ನಿರಂತರ ನೀರು ಪೂರೈಕೆ ಯೋಜನೆ ಕಾಮಗಾರಿ ಇನ್ನೂ ಪೂರ್ಣಗೊಂಡಿಲ್ಲ. ಬಿಂದಿಗೆ ಹಿಡಿದುಕೊಂಡು ತಿರುಗುವ ಪರಿಸ್ಥಿತಿ ಬಂದಿದೆ. ಪುರಸಭೆ ಮಳಿಗೆಗಳ ಬಾಡಿಗೆ ವಸೂಲಿ ಮಾಡಿ ಆದಾಯ ಹೆಚ್ಚಿಸಬೇಕು. ಪಟ್ಟಣದ ಸ್ವಚ್ಛತೆಗೆ ಆದ್ಯತೆ ನೀಡಬೇಕು ಎಂದು ಸದಸ್ಯರು ಒತ್ತಾಯಿಸಿದರು. ಬಜೆಟ್ ನಲ್ಲಿ ಪುರಸಭೆ ಪೌರಕಾರ್ಮಿಕರ ಆರೋಗ್ಯ ರಕ್ಷಣೆಗೆ ಸೂಕ್ತ ಹಣ ಮೀಸಲಿಡಲಾಗಿದೆ. ಪುರಸಭೆ ಸದಸ್ಯರು, ಮುಖ್ಯಾಧಿಕಾರಿ ಹಾಗೂ ಸಿಬ್ಬಂದಿ ಉಪಸ್ಥಿತರಿದ್ದರು.
Edited, Printed, Published & Owned by MANJUNATH G.GONDBAL At Vishwa Offset Printers and Publishers, Taluka Panchayath Complex, Koppal-583231.
Karanataka Phone: 9483468333, 9448300070, email:badalavanedailykoppal@gmail.com
